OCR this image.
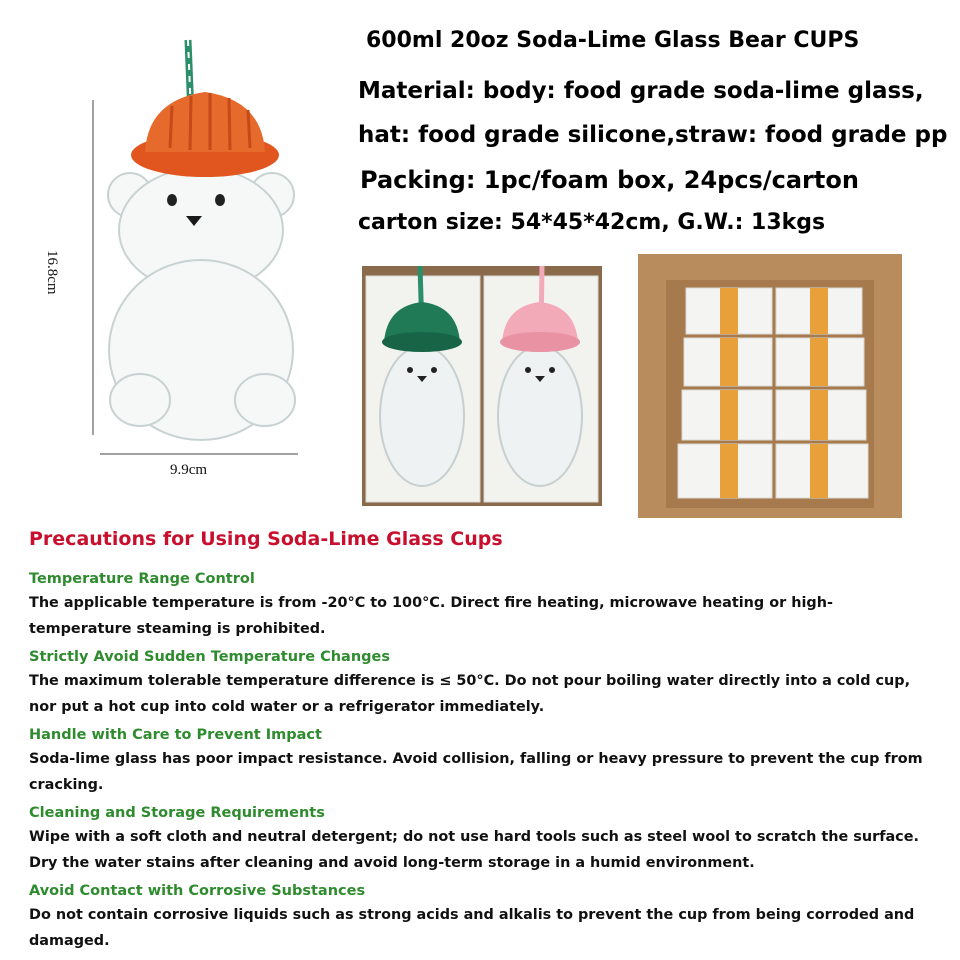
16.8cm
9.9cm
600ml 20oz Soda-Lime Glass Bear CUPS
Material: body: food grade soda-lime glass,
hat: food grade silicone,straw: food grade pp
Packing: 1pc/foam box, 24pcs/carton
carton size: 54*45*42cm, G.W.: 13kgs
Precautions for Using Soda-Lime Glass Cups
Temperature Range Control
The applicable temperature is from -20°C to 100°C. Direct fire heating, microwave heating or high-temperature steaming is prohibited.
Strictly Avoid Sudden Temperature Changes
The maximum tolerable temperature difference is ≤ 50°C. Do not pour boiling water directly into a cold cup, nor put a hot cup into cold water or a refrigerator immediately.
Handle with Care to Prevent Impact
Soda-lime glass has poor impact resistance. Avoid collision, falling or heavy pressure to prevent the cup from cracking.
Cleaning and Storage Requirements
Wipe with a soft cloth and neutral detergent; do not use hard tools such as steel wool to scratch the surface. Dry the water stains after cleaning and avoid long-term storage in a humid environment.
Avoid Contact with Corrosive Substances
Do not contain corrosive liquids such as strong acids and alkalis to prevent the cup from being corroded and damaged.
